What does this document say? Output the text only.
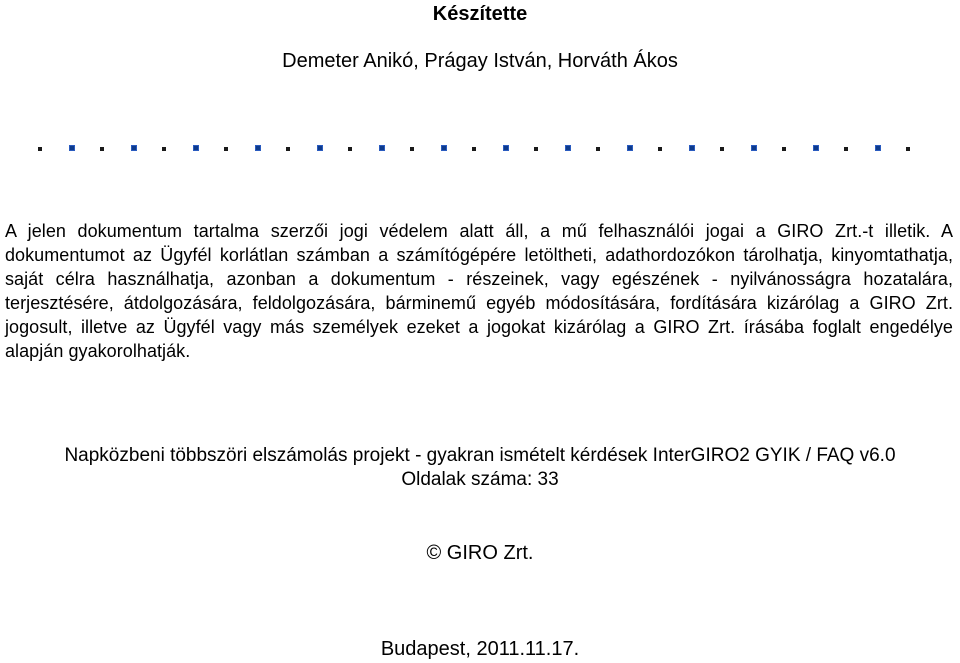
Készítette
Demeter Anikó, Prágay István, Horváth Ákos
A jelen dokumentum tartalma szerzői jogi védelem alatt áll, a mű felhasználói jogai a GIRO Zrt.-t illetik. A dokumentumot az Ügyfél korlátlan számban a számítógépére letöltheti, adathordozókon tárolhatja, kinyomtathatja, saját célra használhatja, azonban a dokumentum - részeinek, vagy egészének - nyilvánosságra hozatalára, terjesztésére, átdolgozására, feldolgozására, bárminemű egyéb módosítására, fordítására kizárólag a GIRO Zrt. jogosult, illetve az Ügyfél vagy más személyek ezeket a jogokat kizárólag a GIRO Zrt. írásába foglalt engedélye alapján gyakorolhatják.
Napközbeni többszöri elszámolás projekt - gyakran ismételt kérdések InterGIRO2 GYIK / FAQ v6.0
Oldalak száma: 33
© GIRO Zrt.
Budapest, 2011.11.17.
